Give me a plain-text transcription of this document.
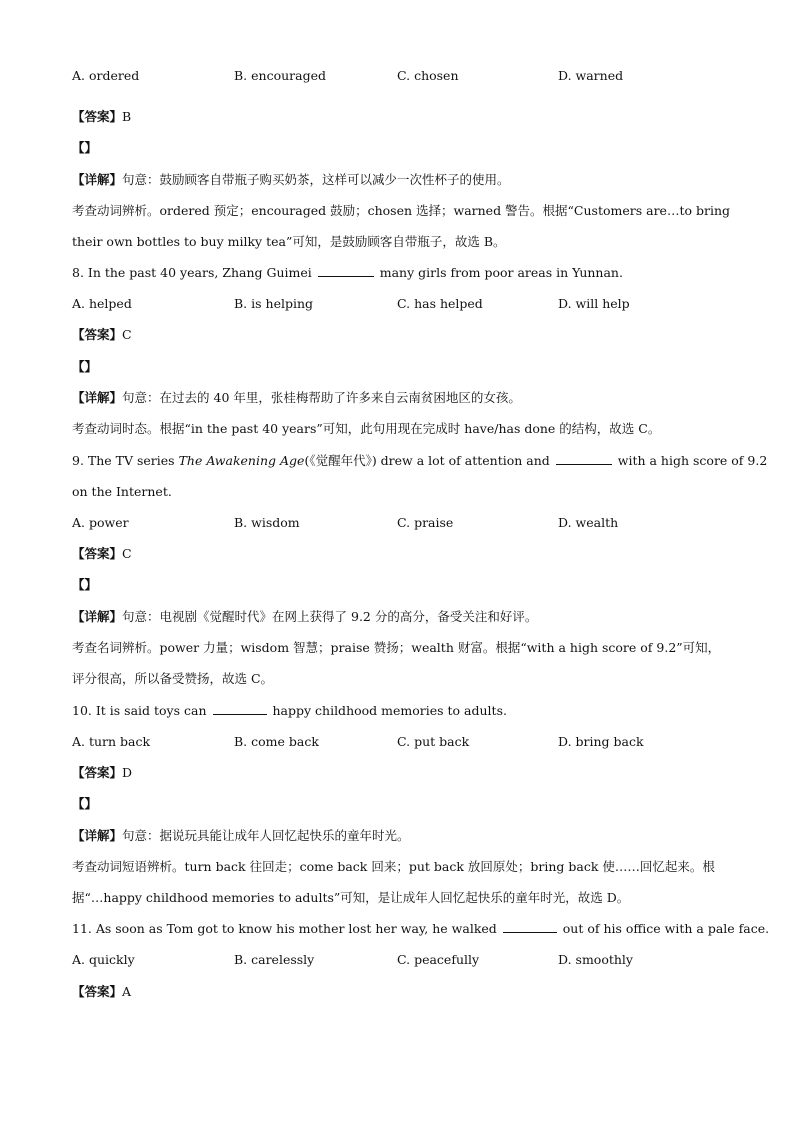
A. ordered	B. encouraged	C. chosen	D. warned
【答案】B
【】
【详解】句意：鼓励顾客自带瓶子购买奶茶，这样可以减少一次性杯子的使用。
考查动词辨析。ordered 预定；encouraged 鼓励；chosen 选择；warned 警告。根据“Customers are…to bring
their own bottles to buy milky tea”可知，是鼓励顾客自带瓶子，故选 B。
8. In the past 40 years, Zhang Guimei	many girls from poor areas in Yunnan.
A. helped	B. is helping	C. has helped	D. will help
【答案】C
【】
【详解】句意：在过去的 40 年里，张桂梅帮助了许多来自云南贫困地区的女孩。
考查动词时态。根据“in the past 40 years”可知，此句用现在完成时 have/has done 的结构，故选 C。
9. The TV series The Awakening Age(《觉醒年代》) drew a lot of attention and	with a high score of 9.2
on the Internet.
A. power	B. wisdom	C. praise	D. wealth
【答案】C
【】
【详解】句意：电视剧《觉醒时代》在网上获得了 9.2 分的高分，备受关注和好评。
考查名词辨析。power 力量；wisdom 智慧；praise 赞扬；wealth 财富。根据“with a high score of 9.2”可知，
评分很高，所以备受赞扬，故选 C。
10. It is said toys can	happy childhood memories to adults.
A. turn back	B. come back	C. put back	D. bring back
【答案】D
【】
【详解】句意：据说玩具能让成年人回忆起快乐的童年时光。
考查动词短语辨析。turn back 往回走；come back 回来；put back 放回原处；bring back 使……回忆起来。根
据“…happy childhood memories to adults”可知，是让成年人回忆起快乐的童年时光，故选 D。
11. As soon as Tom got to know his mother lost her way, he walked	out of his office with a pale face.
A. quickly	B. carelessly	C. peacefully	D. smoothly
【答案】A
